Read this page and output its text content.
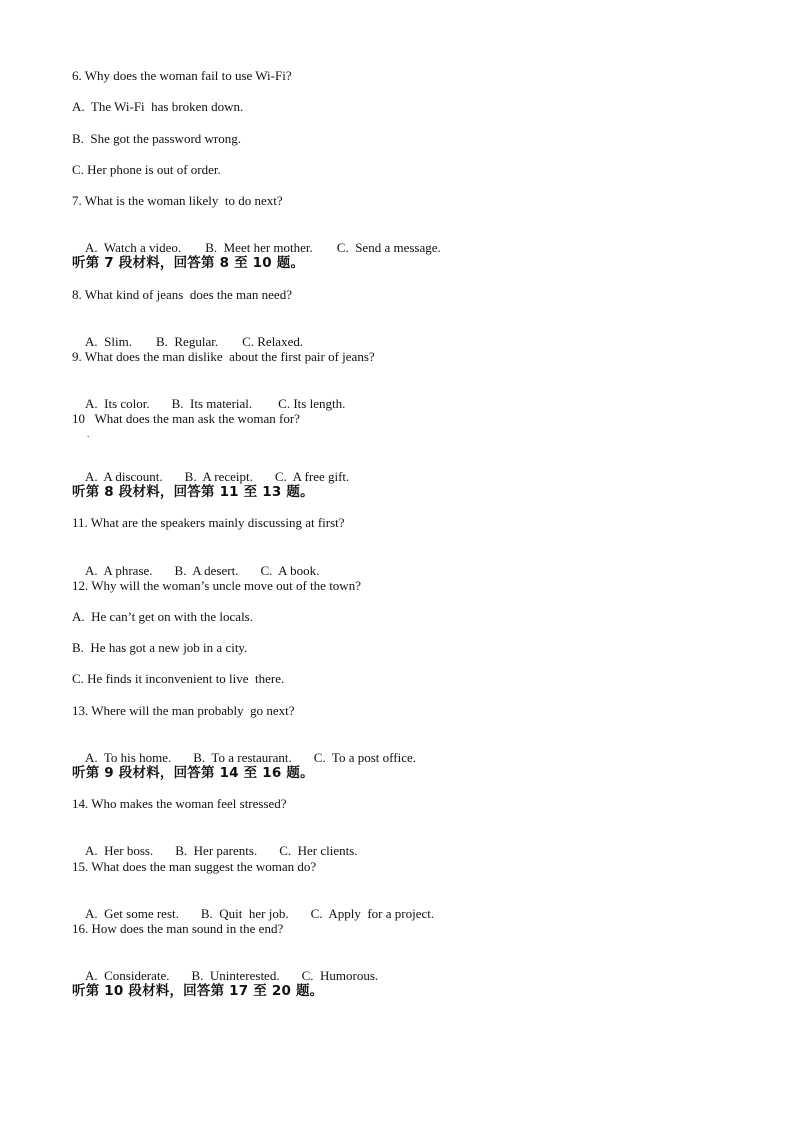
6. Why does the woman fail to use Wi-Fi?
A.  The Wi-Fi  has broken down.
B.  She got the password wrong.
C. Her phone is out of order.
7. What is the woman likely  to do next?

A.  Watch a video. B.  Meet her mother. C.  Send a message.

听第 7 段材料，回答第 8 至 10 题。
8. What kind of jeans  does the man need?

A.  Slim. B.  Regular. C. Relaxed.

9. What does the man dislike  about the first pair of jeans?

A.  Its color. B.  Its material. C. Its length.

10   What does the man ask the woman for?
.

A.  A discount. B.  A receipt. C.  A free gift.

听第 8 段材料，回答第 11 至 13 题。
11. What are the speakers mainly discussing at first?

A.  A phrase. B.  A desert. C.  A book.

12. Why will the woman’s uncle move out of the town?
A.  He can’t get on with the locals.
B.  He has got a new job in a city.
C. He finds it inconvenient to live  there.
13. Where will the man probably  go next?

A.  To his home. B.  To a restaurant. C.  To a post office.

听第 9 段材料，回答第 14 至 16 题。
14. Who makes the woman feel stressed?

A.  Her boss. B.  Her parents. C.  Her clients.

15. What does the man suggest the woman do?

A.  Get some rest. B.  Quit  her job. C.  Apply  for a project.

16. How does the man sound in the end?

A.  Considerate. B.  Uninterested. C.  Humorous.

听第 10 段材料，回答第 17 至 20 题。
